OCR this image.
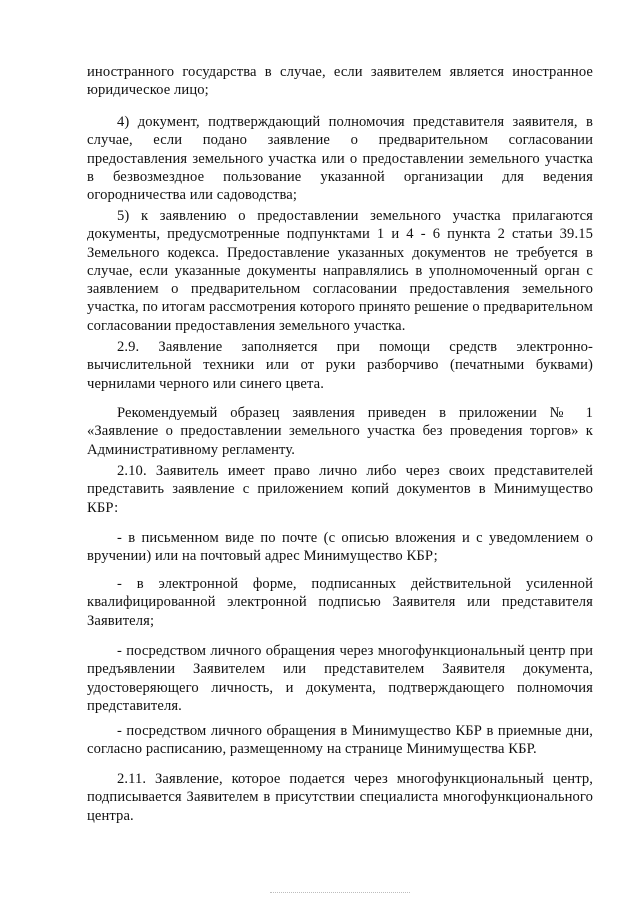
иностранного государства в случае, если заявителем является иностранное юридическое лицо;

4) документ, подтверждающий полномочия представителя заявителя, в случае, если подано заявление о предварительном согласовании предоставления земельного участка или о предоставлении земельного участка в безвозмездное пользование указанной организации для ведения огородничества или садоводства;

5) к заявлению о предоставлении земельного участка прилагаются документы, предусмотренные подпунктами 1 и 4 - 6 пункта 2 статьи 39.15 Земельного кодекса. Предоставление указанных документов не требуется в случае, если указанные документы направлялись в уполномоченный орган с заявлением о предварительном согласовании предоставления земельного участка, по итогам рассмотрения которого принято решение о предварительном согласовании предоставления земельного участка.

2.9. Заявление заполняется при помощи средств электронно-вычислительной техники или от руки разборчиво (печатными буквами) чернилами черного или синего цвета.

Рекомендуемый образец заявления приведен в приложении № 1 «Заявление о предоставлении земельного участка без проведения торгов» к Административному регламенту.

2.10. Заявитель имеет право лично либо через своих представителей представить заявление с приложением копий документов в Минимущество КБР:

- в письменном виде по почте (с описью вложения и с уведомлением о вручении) или на почтовый адрес Минимущество КБР;

- в электронной форме, подписанных действительной усиленной квалифицированной электронной подписью Заявителя или представителя Заявителя;

- посредством личного обращения через многофункциональный центр при предъявлении Заявителем или представителем Заявителя документа, удостоверяющего личность, и документа, подтверждающего полномочия представителя.

- посредством личного обращения в Минимущество КБР в приемные дни, согласно расписанию, размещенному на странице Минимущества КБР.

2.11. Заявление, которое подается через многофункциональный центр, подписывается Заявителем в присутствии специалиста многофункционального центра.
